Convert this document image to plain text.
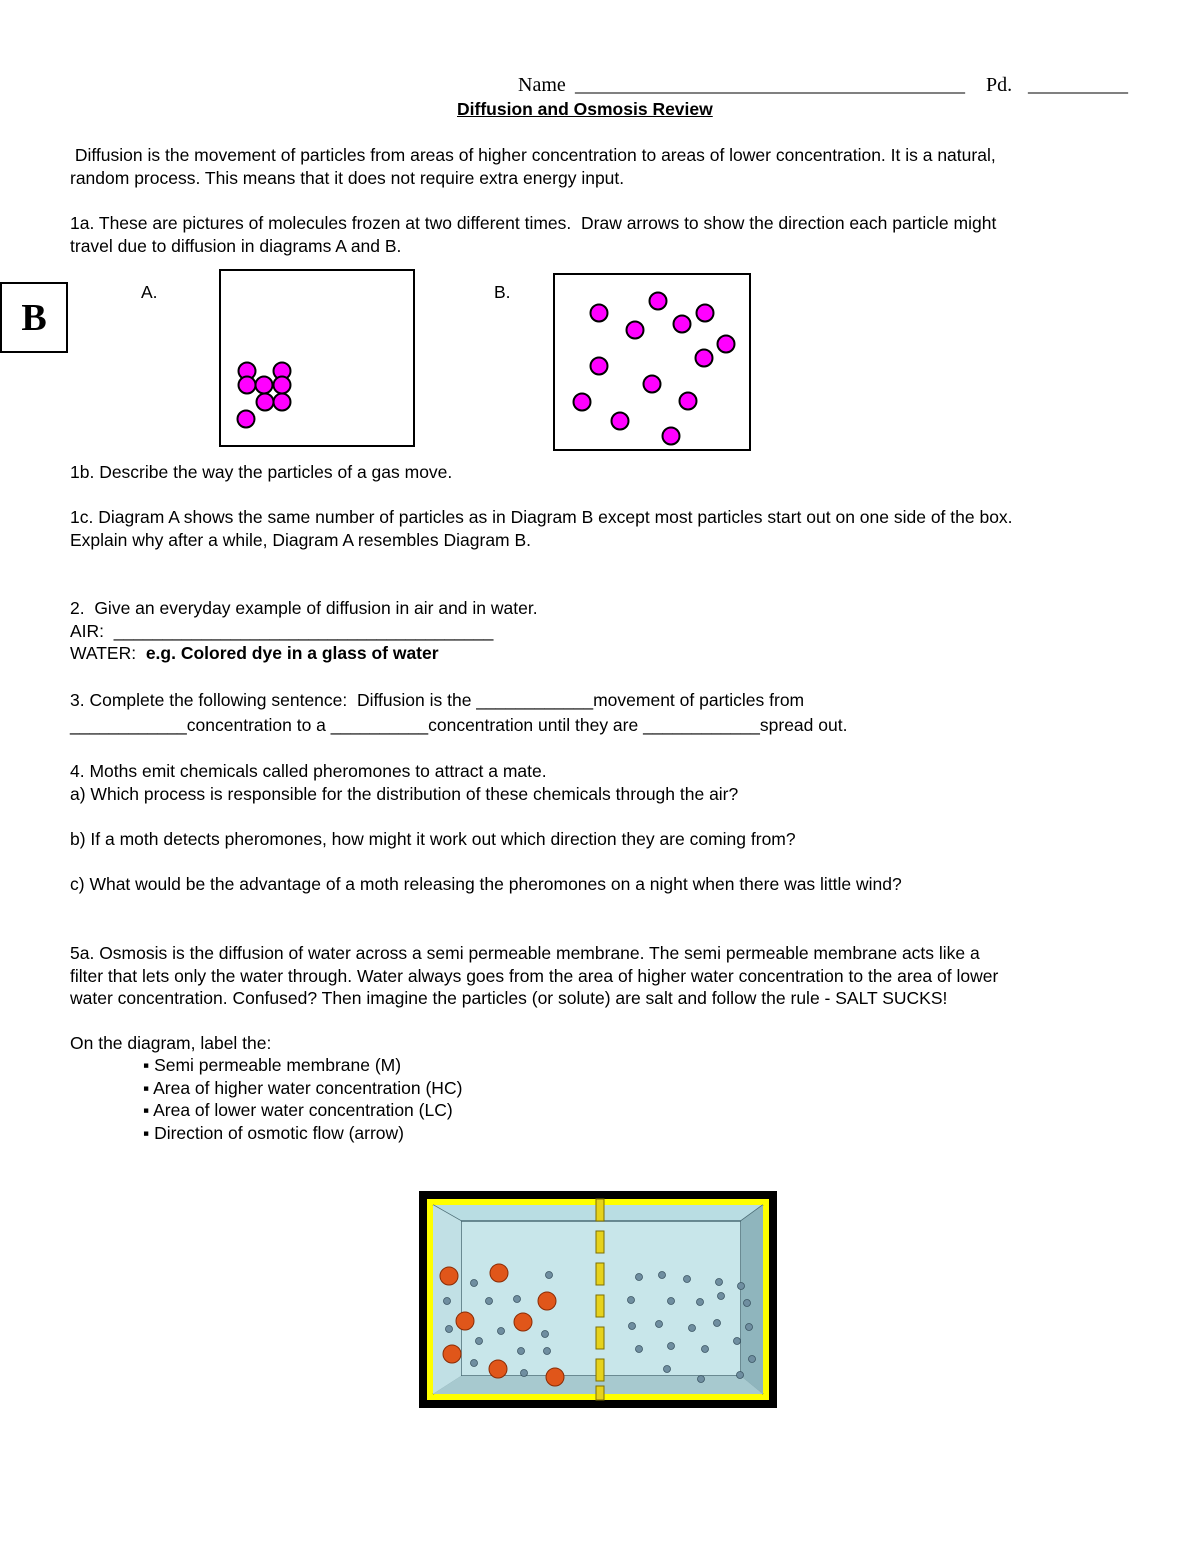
Name _______________________________________ Pd. __________
Diffusion and Osmosis Review
B
Diffusion is the movement of particles from areas of higher concentration to areas of lower concentration. It is a natural,
random process. This means that it does not require extra energy input.
1a. These are pictures of molecules frozen at two different times.  Draw arrows to show the direction each particle might
travel due to diffusion in diagrams A and B.
A.	B.
1b. Describe the way the particles of a gas move.
1c. Diagram A shows the same number of particles as in Diagram B except most particles start out on one side of the box.
Explain why after a while, Diagram A resembles Diagram B.
2.  Give an everyday example of diffusion in air and in water.
AIR:  _______________________________________
WATER:  e.g. Colored dye in a glass of water
3. Complete the following sentence:  Diffusion is the ____________movement of particles from
____________concentration to a __________concentration until they are ____________spread out.
4. Moths emit chemicals called pheromones to attract a mate.
a) Which process is responsible for the distribution of these chemicals through the air?
b) If a moth detects pheromones, how might it work out which direction they are coming from?
c) What would be the advantage of a moth releasing the pheromones on a night when there was little wind?
5a. Osmosis is the diffusion of water across a semi permeable membrane. The semi permeable membrane acts like a
filter that lets only the water through. Water always goes from the area of higher water concentration to the area of lower
water concentration. Confused? Then imagine the particles (or solute) are salt and follow the rule - SALT SUCKS!
On the diagram, label the:
▪ Semi permeable membrane (M)
▪ Area of higher water concentration (HC)
▪ Area of lower water concentration (LC)
▪ Direction of osmotic flow (arrow)
